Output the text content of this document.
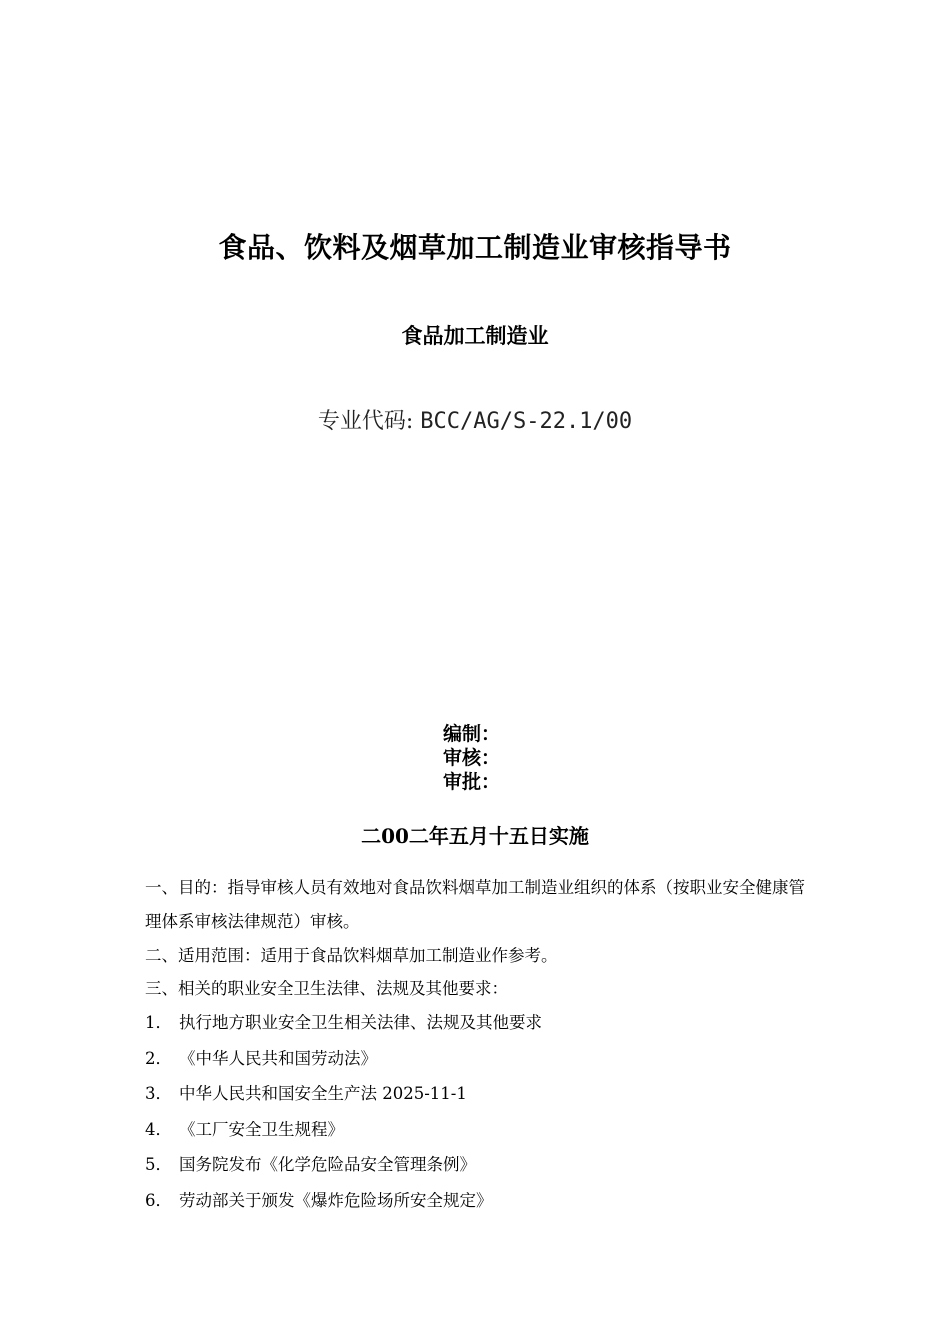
食品、饮料及烟草加工制造业审核指导书
食品加工制造业
专业代码: BCC/AG/S-22.1/00
编制：
审核：
审批：
二00二年五月十五日实施

一、目的：指导审核人员有效地对食品饮料烟草加工制造业组织的体系（按职业安全健康管理体系审核法律规范）审核。

二、适用范围：适用于食品饮料烟草加工制造业作参考。

三、相关的职业安全卫生法律、法规及其他要求：

1． 执行地方职业安全卫生相关法律、法规及其他要求
2． 《中华人民共和国劳动法》
3． 中华人民共和国安全生产法 2025-11-1
4． 《工厂安全卫生规程》
5． 国务院发布《化学危险品安全管理条例》
6． 劳动部关于颁发《爆炸危险场所安全规定》
